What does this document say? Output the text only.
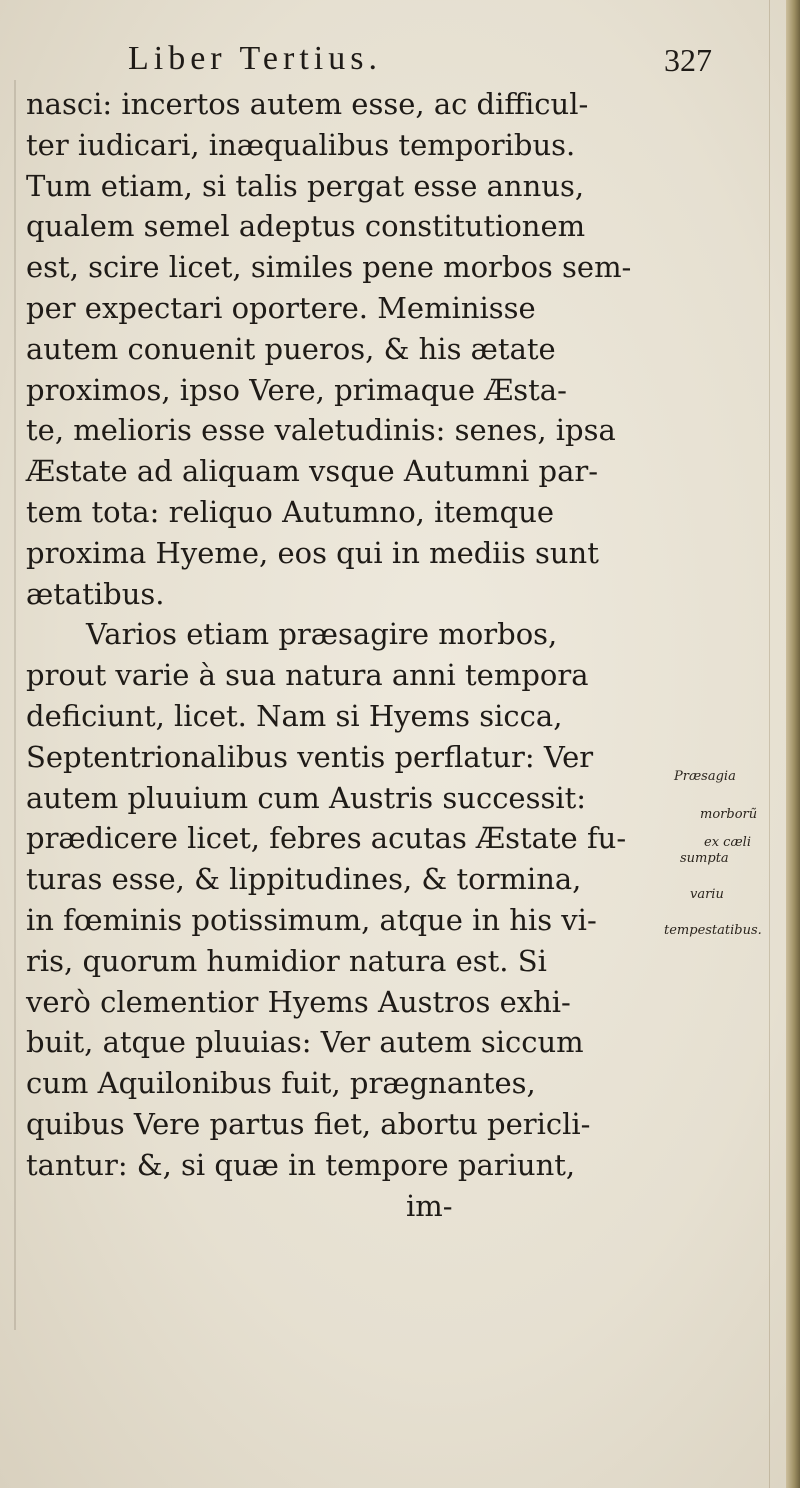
Liber Tertius.	327
nasci: incertos autem esse, ac difficul-
ter iudicari, inæqualibus temporibus.
Tum etiam, si talis pergat esse annus,
qualem semel adeptus constitutionem
est, scire licet, similes pene morbos sem-
per expectari oportere. Meminisse
autem conuenit pueros, & his ætate
proximos, ipso Vere, primaque Æsta-
te, melioris esse valetudinis: senes, ipsa
Æstate ad aliquam vsque Autumni par-
tem tota: reliquo Autumno, itemque
proxima Hyeme, eos qui in mediis sunt
ætatibus.
Varios etiam præsagire morbos,
prout varie à sua natura anni tempora
deficiunt, licet. Nam si Hyems sicca,
Septentrionalibus ventis perflatur: Ver
autem pluuium cum Austris successit:
prædicere licet, febres acutas Æstate fu-
turas esse, & lippitudines, & tormina,
in fœminis potissimum, atque in his vi-
ris, quorum humidior natura est. Si
verò clementior Hyems Austros exhi-
buit, atque pluuias: Ver autem siccum
cum Aquilonibus fuit, prægnantes,
quibus Vere partus fiet, abortu pericli-
tantur: &, si quæ in tempore pariunt,
im-
Præsagia
morborũ
ex cæli
sumpta
variu
tempestatibus.
